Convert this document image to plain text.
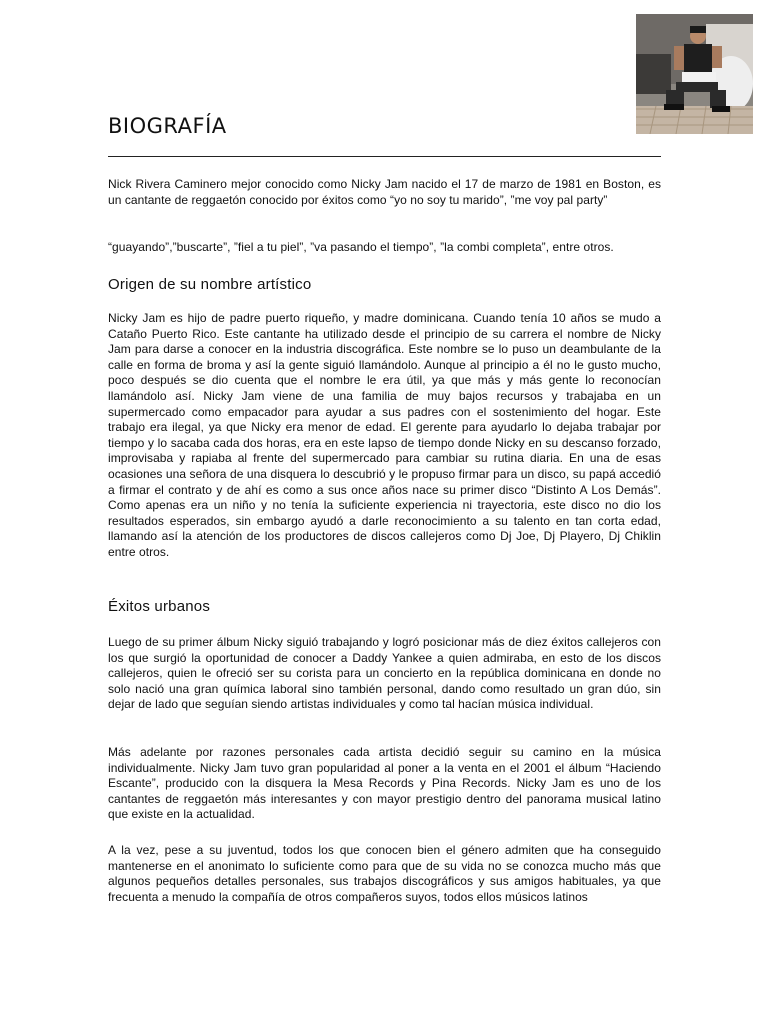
BIOGRAFÍA

Nick Rivera Caminero mejor conocido como Nicky Jam nacido el 17 de marzo de 1981 en Boston, es un cantante de reggaetón conocido por éxitos como “yo no soy tu marido”, ”me voy pal party”

“guayando”,”buscarte”, ”fiel a tu piel”, ”va pasando el tiempo”, ”la combi completa”, entre otros.

Origen de su nombre artístico

Nicky Jam es hijo de padre puerto riqueño, y madre dominicana. Cuando tenía 10 años se mudo a Cataño Puerto Rico. Este cantante ha utilizado desde el principio de su carrera el nombre de Nicky Jam para darse a conocer en la industria discográfica. Este nombre se lo puso un deambulante de la calle en forma de broma y así la gente siguió llamándolo. Aunque al principio a él no le gusto mucho, poco después se dio cuenta que el nombre le era útil, ya que más y más gente lo reconocían llamándolo así. Nicky Jam viene de una familia de muy bajos recursos y trabajaba en un supermercado como empacador para ayudar a sus padres con el sostenimiento del hogar. Este trabajo era ilegal, ya que Nicky era menor de edad. El gerente para ayudarlo lo dejaba trabajar por tiempo y lo sacaba cada dos horas, era en este lapso de tiempo donde Nicky en su descanso forzado, improvisaba y rapiaba al frente del supermercado para cambiar su rutina diaria. En una de esas ocasiones una señora de una disquera lo descubrió y le propuso firmar para un disco, su papá accedió a firmar el contrato y de ahí es como a sus once años nace su primer disco “Distinto A Los Demás”. Como apenas era un niño y no tenía la suficiente experiencia ni trayectoria, este disco no dio los resultados esperados, sin embargo ayudó a darle reconocimiento a su talento en tan corta edad, llamando así la atención de los productores de discos callejeros como Dj Joe, Dj Playero, Dj Chiklin entre otros.

Éxitos urbanos

Luego de su primer álbum Nicky siguió trabajando y logró posicionar más de diez éxitos callejeros con los que surgió la oportunidad de conocer a Daddy Yankee a quien admiraba, en esto de los discos callejeros, quien le ofreció ser su corista para un concierto en la república dominicana en donde no solo nació una gran química laboral sino también personal, dando como resultado un gran dúo, sin dejar de lado que seguían siendo artistas individuales y como tal hacían música individual.

Más adelante por razones personales cada artista decidió seguir su camino en la música individualmente. Nicky Jam tuvo gran popularidad al poner a la venta en el 2001 el álbum “Haciendo Escante”, producido con la disquera la Mesa Records y Pina Records. Nicky Jam es uno de los cantantes de reggaetón más interesantes y con mayor prestigio dentro del panorama musical latino que existe en la actualidad.

A la vez, pese a su juventud, todos los que conocen bien el género admiten que ha conseguido mantenerse en el anonimato lo suficiente como para que de su vida no se conozca mucho más que algunos pequeños detalles personales, sus trabajos discográficos y sus amigos habituales, ya que frecuenta a menudo la compañía de otros compañeros suyos, todos ellos músicos latinos
